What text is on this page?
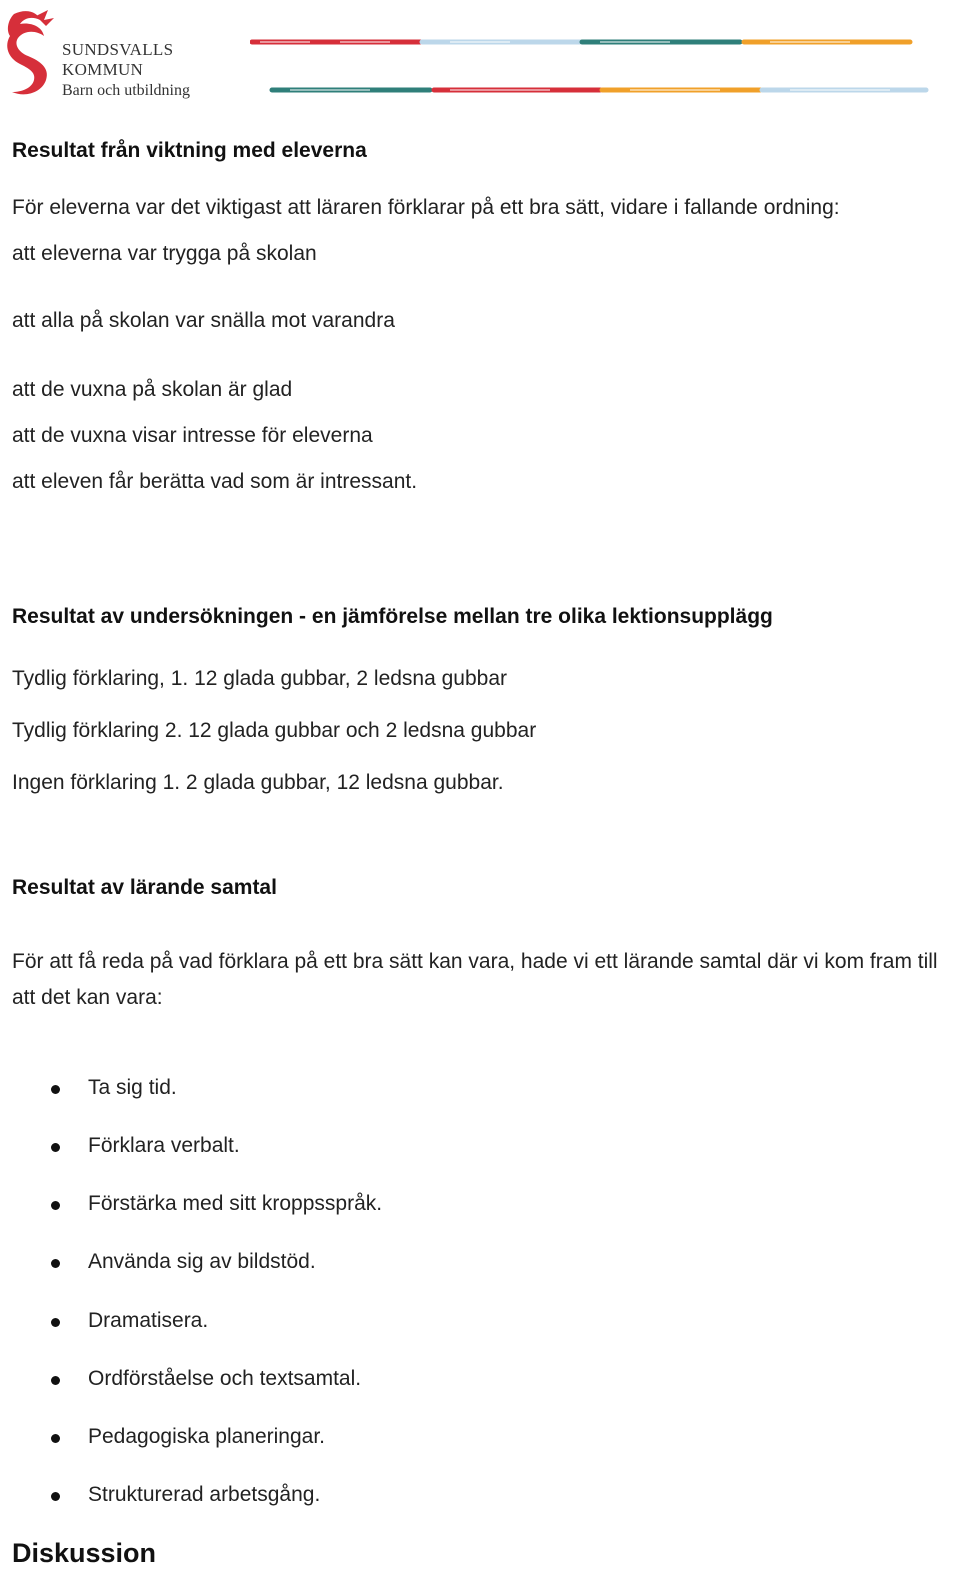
SUNDSVALLS
KOMMUN
Barn och utbildning
Resultat från viktning med eleverna
För eleverna var det viktigast att läraren förklarar på ett bra sätt, vidare i fallande ordning:
att eleverna var trygga på skolan
att alla på skolan var snälla mot varandra
att de vuxna på skolan är glad
att de vuxna visar intresse för eleverna
att eleven får berätta vad som är intressant.
Resultat av undersökningen - en jämförelse mellan tre olika lektionsupplägg
Tydlig förklaring, 1. 12 glada gubbar, 2 ledsna gubbar
Tydlig förklaring 2. 12 glada gubbar och 2 ledsna gubbar
Ingen förklaring 1. 2 glada gubbar, 12 ledsna gubbar.
Resultat av lärande samtal
För att få reda på vad förklara på ett bra sätt kan vara, hade vi ett lärande samtal där vi kom fram till att det kan vara:
Ta sig tid.
Förklara verbalt.
Förstärka med sitt kroppsspråk.
Använda sig av bildstöd.
Dramatisera.
Ordförståelse och textsamtal.
Pedagogiska planeringar.
Strukturerad arbetsgång.
Diskussion
